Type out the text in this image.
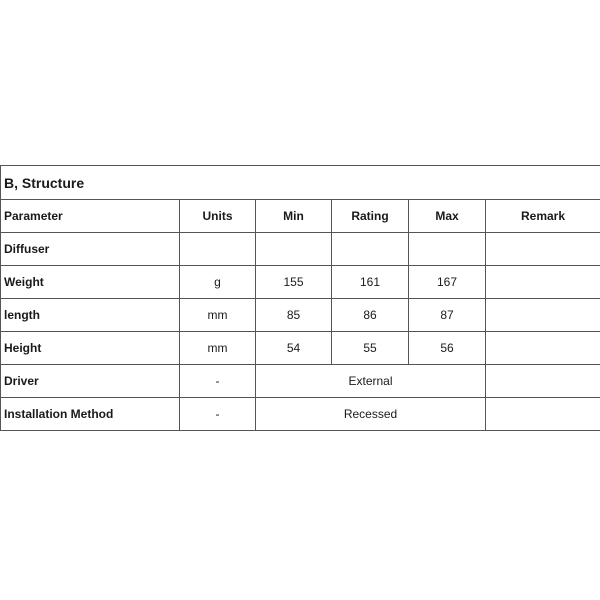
B, Structure					
Parameter	Units	Min	Rating	Max	Remark
Diffuser					
Weight	g	155	161	167	
length	mm	85	86	87	
Height	mm	54	55	56	
Driver	-	External			
Installation Method	-	Recessed			
